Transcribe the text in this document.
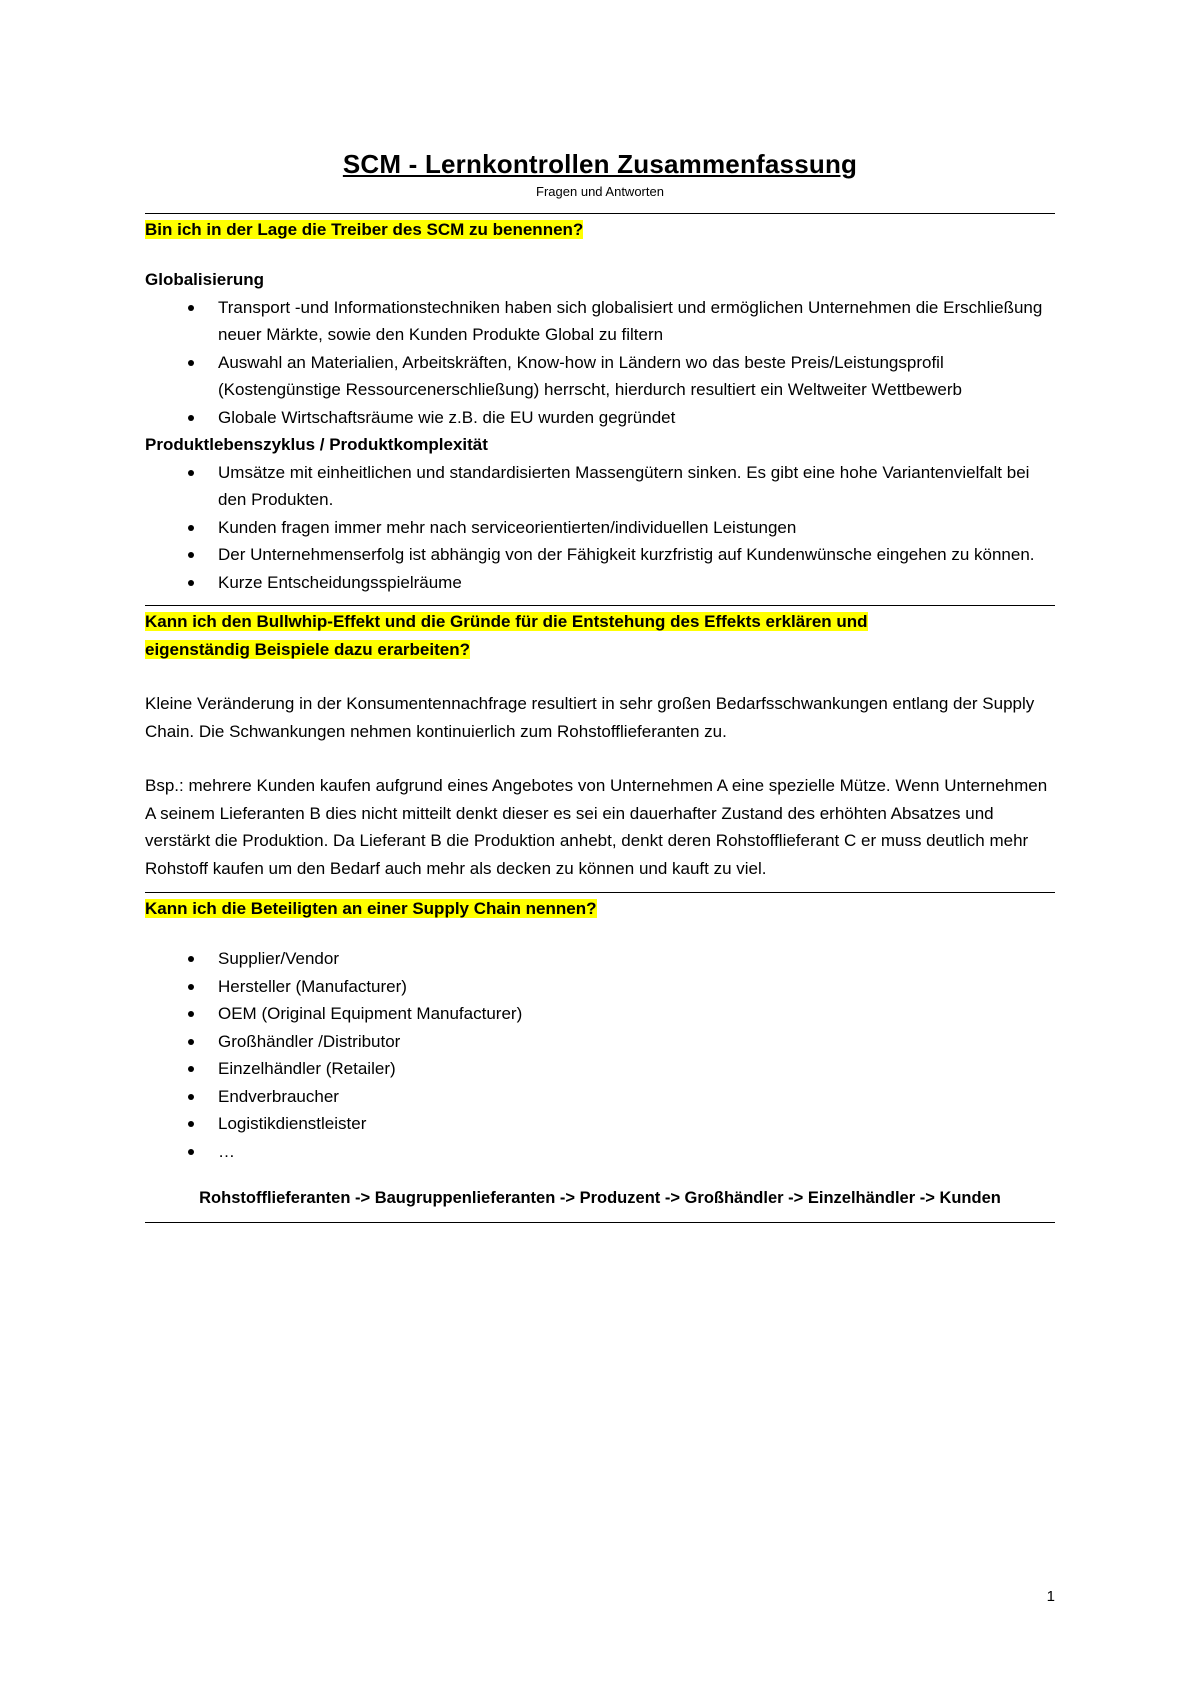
SCM - Lernkontrollen Zusammenfassung

Fragen und Antworten

Bin ich in der Lage die Treiber des SCM zu benennen?

Globalisierung

Transport -und Informationstechniken haben sich globalisiert und ermöglichen Unternehmen die Erschließung neuer Märkte, sowie den Kunden Produkte Global zu filtern
Auswahl an Materialien, Arbeitskräften, Know-how in Ländern wo das beste Preis/Leistungsprofil (Kostengünstige Ressourcenerschließung) herrscht, hierdurch resultiert ein Weltweiter Wettbewerb
Globale Wirtschaftsräume wie z.B. die EU wurden gegründet

Produktlebenszyklus / Produktkomplexität

Umsätze mit einheitlichen und standardisierten Massengütern sinken. Es gibt eine hohe Variantenvielfalt bei den Produkten.
Kunden fragen immer mehr nach serviceorientierten/individuellen Leistungen
Der Unternehmenserfolg ist abhängig von der Fähigkeit kurzfristig auf Kundenwünsche eingehen zu können.
Kurze Entscheidungsspielräume

Kann ich den Bullwhip-Effekt und die Gründe für die Entstehung des Effekts erklären und
eigenständig Beispiele dazu erarbeiten?

Kleine Veränderung in der Konsumentennachfrage resultiert in sehr großen Bedarfsschwankungen entlang der Supply Chain. Die Schwankungen nehmen kontinuierlich zum Rohstofflieferanten zu.

Bsp.: mehrere Kunden kaufen aufgrund eines Angebotes von Unternehmen A eine spezielle Mütze. Wenn Unternehmen A seinem Lieferanten B dies nicht mitteilt denkt dieser es sei ein dauerhafter Zustand des erhöhten Absatzes und verstärkt die Produktion. Da Lieferant B die Produktion anhebt, denkt deren Rohstofflieferant C er muss deutlich mehr Rohstoff kaufen um den Bedarf auch mehr als decken zu können und kauft zu viel.

Kann ich die Beteiligten an einer Supply Chain nennen?

Supplier/Vendor
Hersteller (Manufacturer)
OEM (Original Equipment Manufacturer)
Großhändler /Distributor
Einzelhändler (Retailer)
Endverbraucher
Logistikdienstleister
…

Rohstofflieferanten -> Baugruppenlieferanten -> Produzent -> Großhändler -> Einzelhändler -> Kunden

1
